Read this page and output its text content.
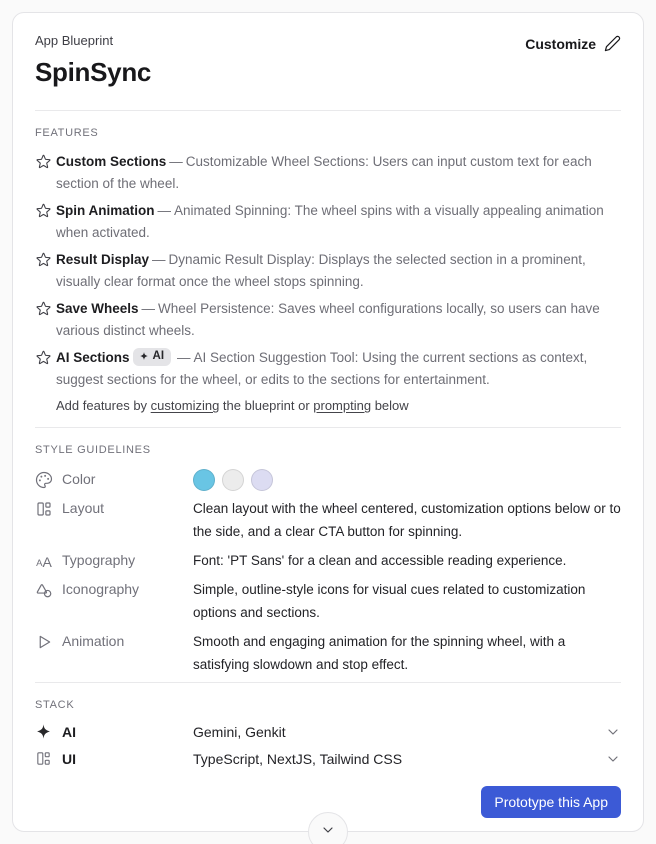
App Blueprint
SpinSync
Customize
FEATURES
Custom Sections — Customizable Wheel Sections: Users can input custom text for each section of the wheel.
Spin Animation — Animated Spinning: The wheel spins with a visually appealing animation when activated.
Result Display — Dynamic Result Display: Displays the selected section in a prominent, visually clear format once the wheel stops spinning.
Save Wheels — Wheel Persistence: Saves wheel configurations locally, so users can have various distinct wheels.
AI Sections AI — AI Section Suggestion Tool: Using the current sections as context, suggest sections for the wheel, or edits to the sections for entertainment.
Add features by customizing the blueprint or prompting below
STYLE GUIDELINES
Color
Layout	Clean layout with the wheel centered, customization options below or to the side, and a clear CTA button for spinning.
A A
Typography	Font: 'PT Sans' for a clean and accessible reading experience.
Iconography	Simple, outline-style icons for visual cues related to customization options and sections.
Animation	Smooth and engaging animation for the spinning wheel, with a satisfying slowdown and stop effect.
STACK
AI	Gemini, Genkit
UI	TypeScript, NextJS, Tailwind CSS
Prototype this App
